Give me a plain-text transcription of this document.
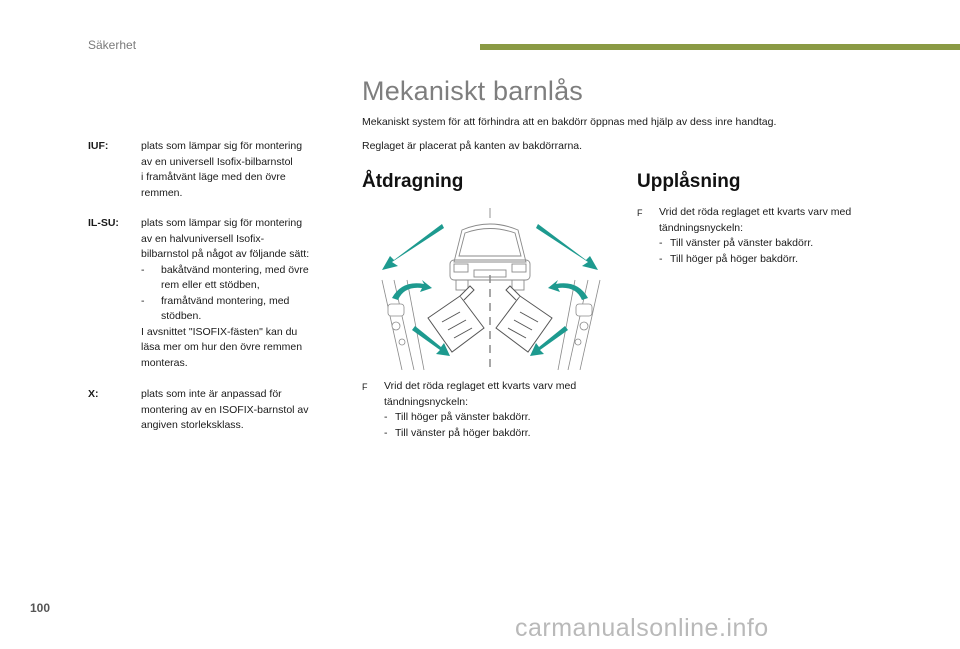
Säkerhet
Mekaniskt barnlås
Mekaniskt system för att förhindra att en bakdörr öppnas med hjälp av dess inre handtag.
Reglaget är placerat på kanten av bakdörrarna.
IUF:	plats som lämpar sig för montering
av en universell Isofix-bilbarnstol
i framåtvänt läge med den övre
remmen.
IL-SU: plats som lämpar sig för montering
av en halvuniversell Isofix-
bilbarnstol på något av följande sätt:
-	bakåtvänd montering, med övre
rem eller ett stödben,
-	framåtvänd montering, med
stödben.
I avsnittet "ISOFIX-fästen" kan du
läsa mer om hur den övre remmen
monteras.
X:	plats som inte är anpassad för
montering av en ISOFIX-barnstol av
angiven storleksklass.
Åtdragning	Upplåsning
F	Vrid det röda reglaget ett kvarts varv med
tändningsnyckeln:
- Till höger på vänster bakdörr.
- Till vänster på höger bakdörr.
F	Vrid det röda reglaget ett kvarts varv med
tändningsnyckeln:
- Till vänster på vänster bakdörr.
- Till höger på höger bakdörr.
100
carmanualsonline.info
